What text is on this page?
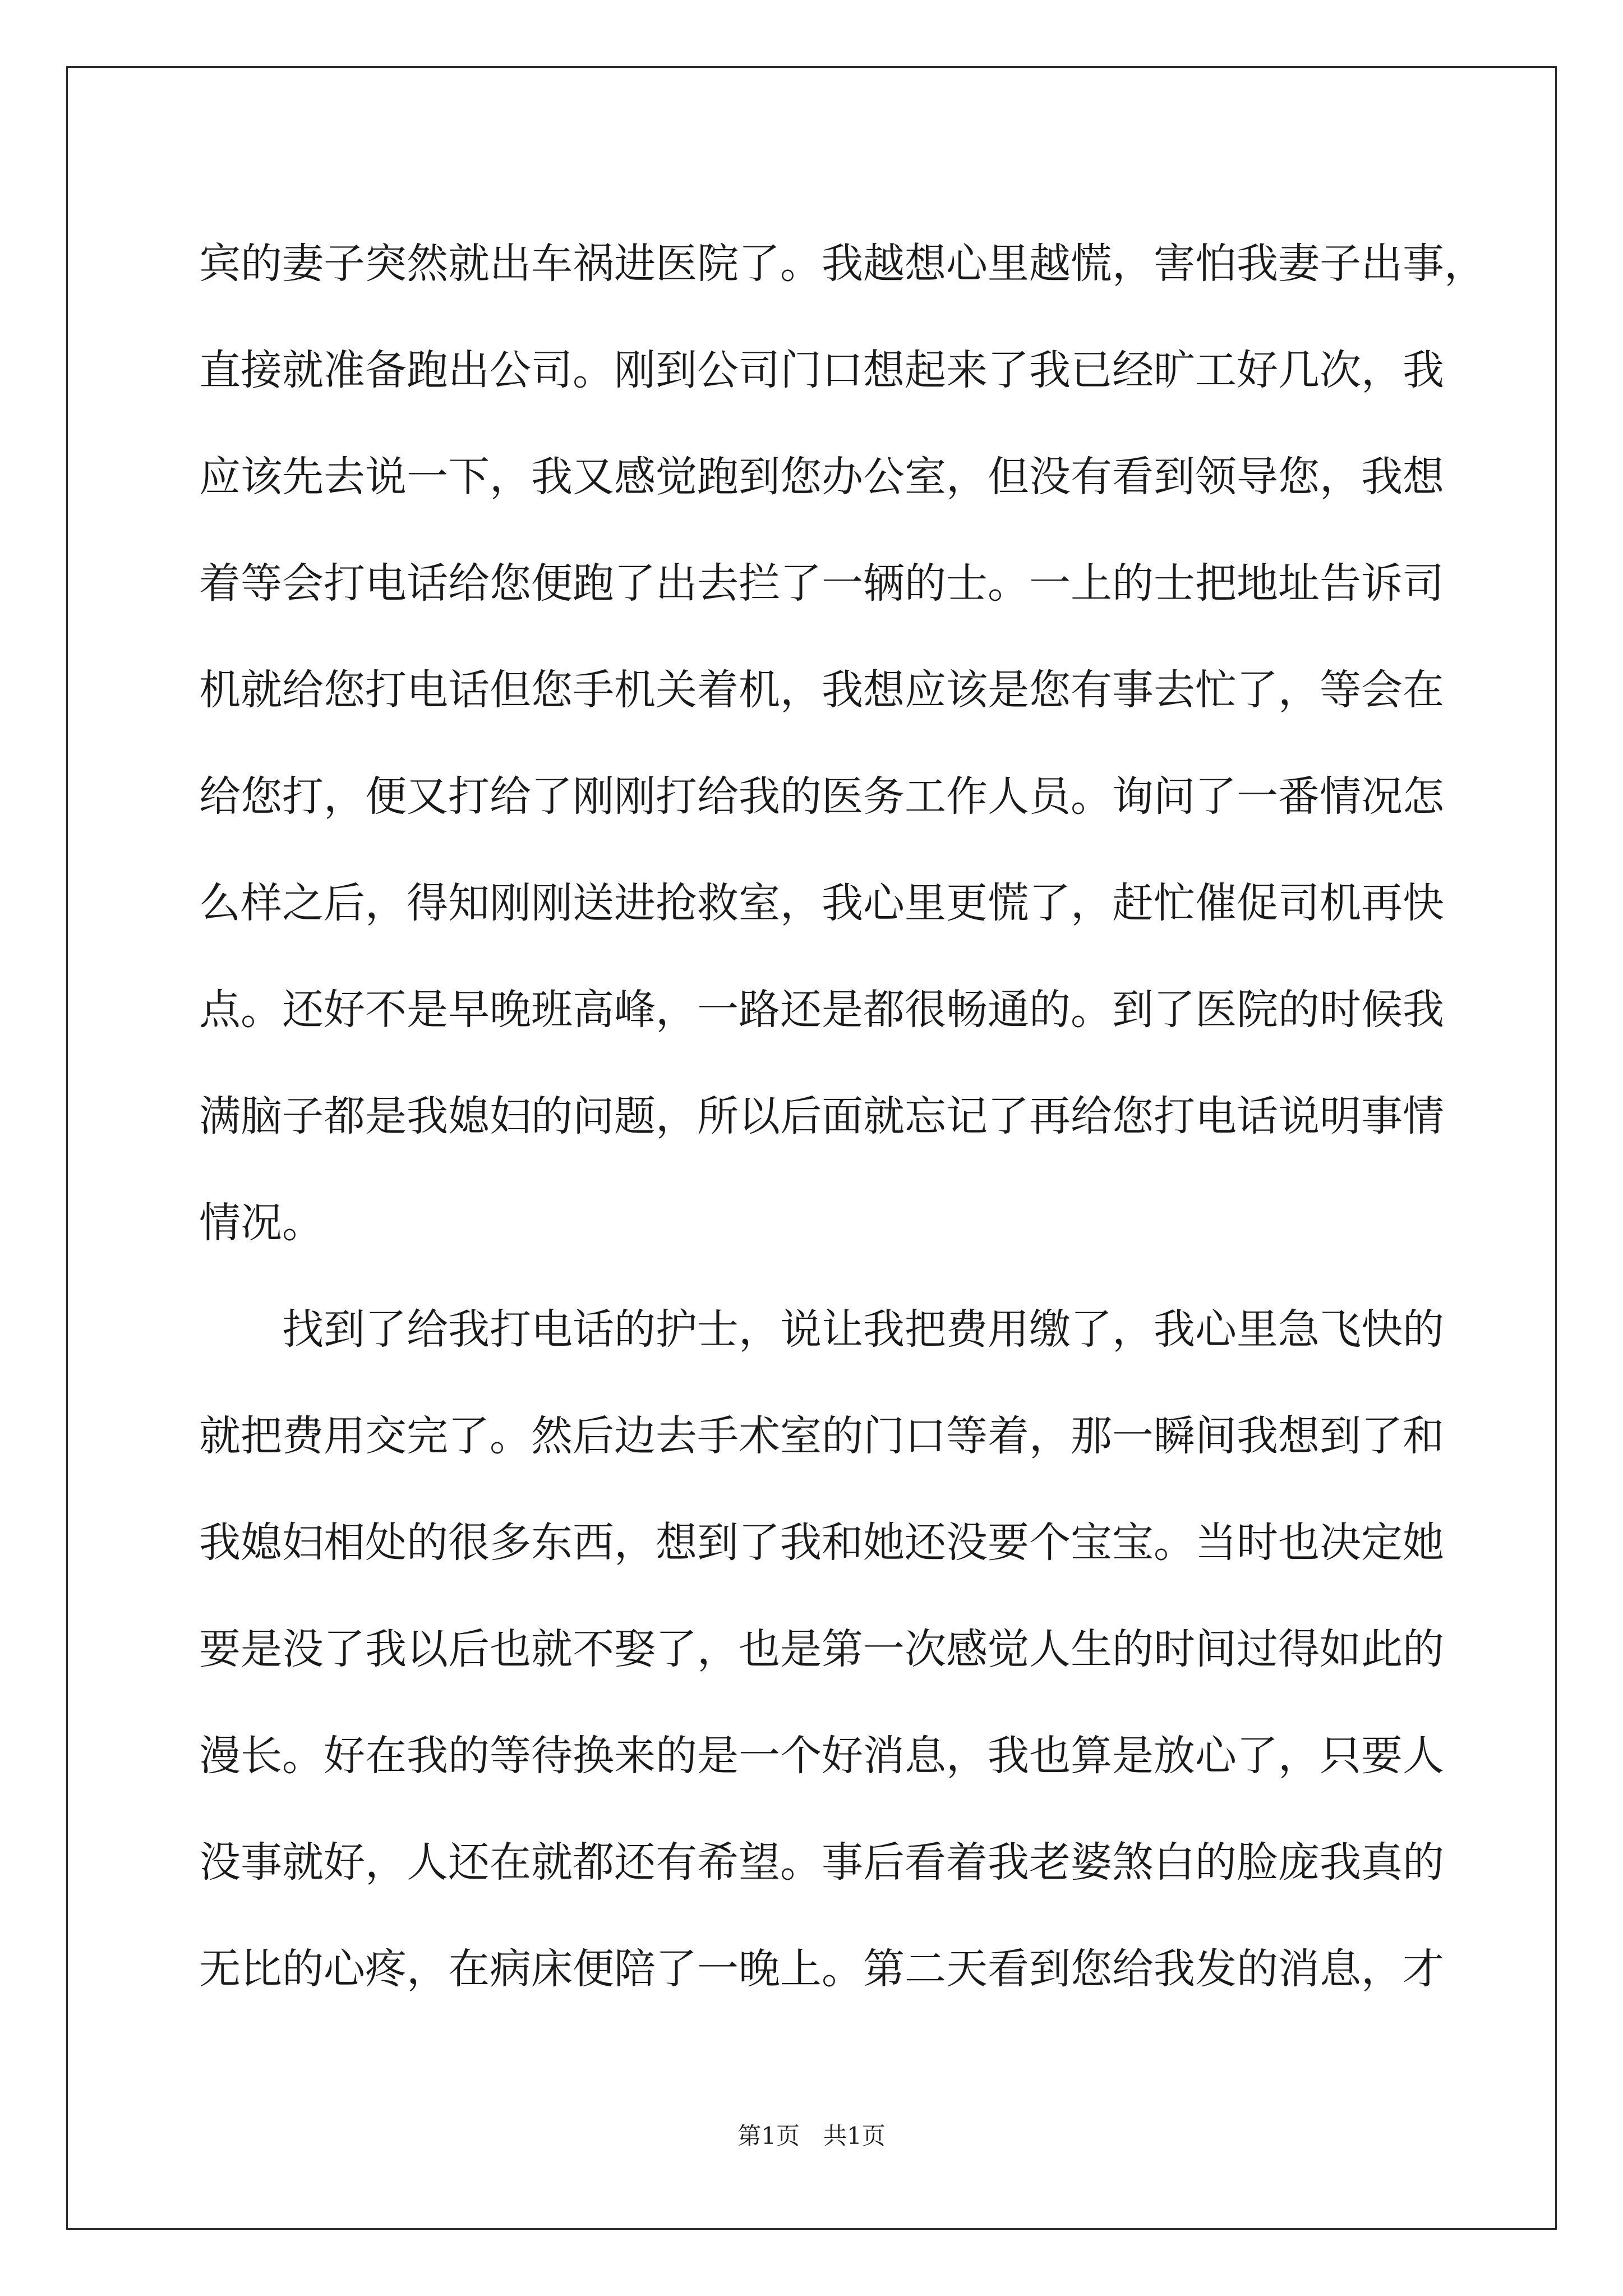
宾的妻子突然就出车祸进医院了。我越想心里越慌，害怕我妻子出事，
直接就准备跑出公司。刚到公司门口想起来了我已经旷工好几次，我
应该先去说一下，我又感觉跑到您办公室，但没有看到领导您，我想
着等会打电话给您便跑了出去拦了一辆的士。一上的士把地址告诉司
机就给您打电话但您手机关着机，我想应该是您有事去忙了，等会在
给您打，便又打给了刚刚打给我的医务工作人员。询问了一番情况怎
么样之后，得知刚刚送进抢救室，我心里更慌了，赶忙催促司机再快
点。还好不是早晚班高峰，一路还是都很畅通的。到了医院的时候我
满脑子都是我媳妇的问题，所以后面就忘记了再给您打电话说明事情
情况。
找到了给我打电话的护士，说让我把费用缴了，我心里急飞快的
就把费用交完了。然后边去手术室的门口等着，那一瞬间我想到了和
我媳妇相处的很多东西，想到了我和她还没要个宝宝。当时也决定她
要是没了我以后也就不娶了，也是第一次感觉人生的时间过得如此的
漫长。好在我的等待换来的是一个好消息，我也算是放心了，只要人
没事就好，人还在就都还有希望。事后看着我老婆煞白的脸庞我真的
无比的心疼，在病床便陪了一晚上。第二天看到您给我发的消息，才
第1页　共1页
